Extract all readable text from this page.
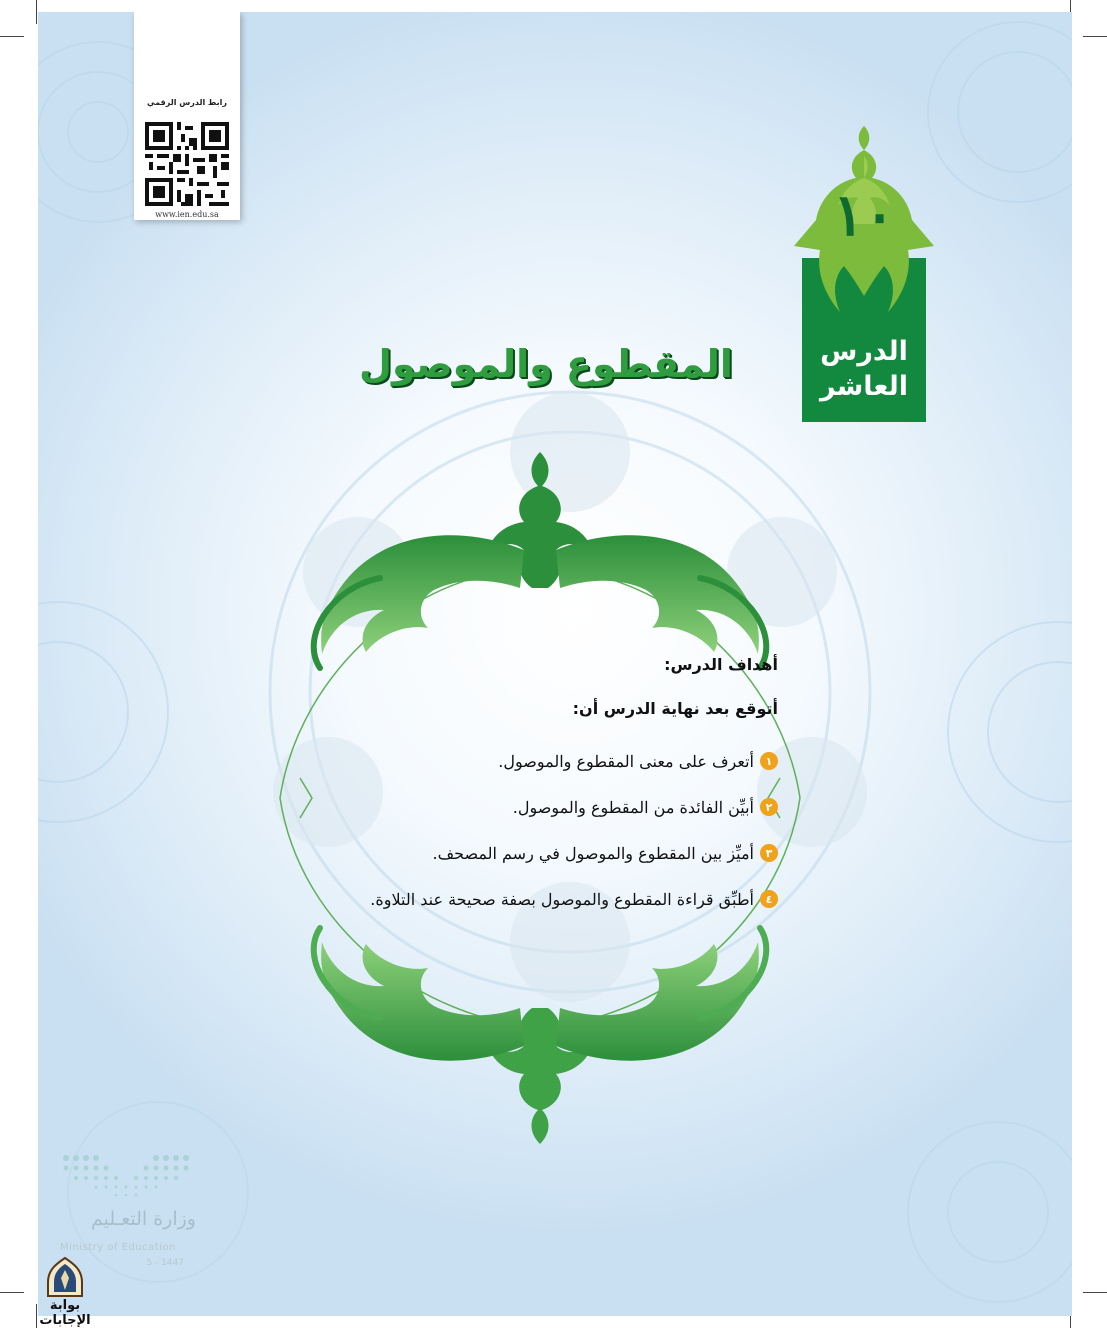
رابط الدرس الرقمي
www.ien.edu.sa	١٠
الدرس
العاشر
المقطوع والموصول
أهداف الدرس:
أتوقع بعد نهاية الدرس أن:
١
أتعرف على معنى المقطوع والموصول.
٢
أبيِّن الفائدة من المقطوع والموصول.
٣
أميِّز بين المقطوع والموصول في رسم المصحف.
٤
أطبِّق قراءة المقطوع والموصول بصفة صحيحة عند التلاوة.
وزارة التعـليم
Ministry of Education
5 - 1447
بوابة الإجابات
